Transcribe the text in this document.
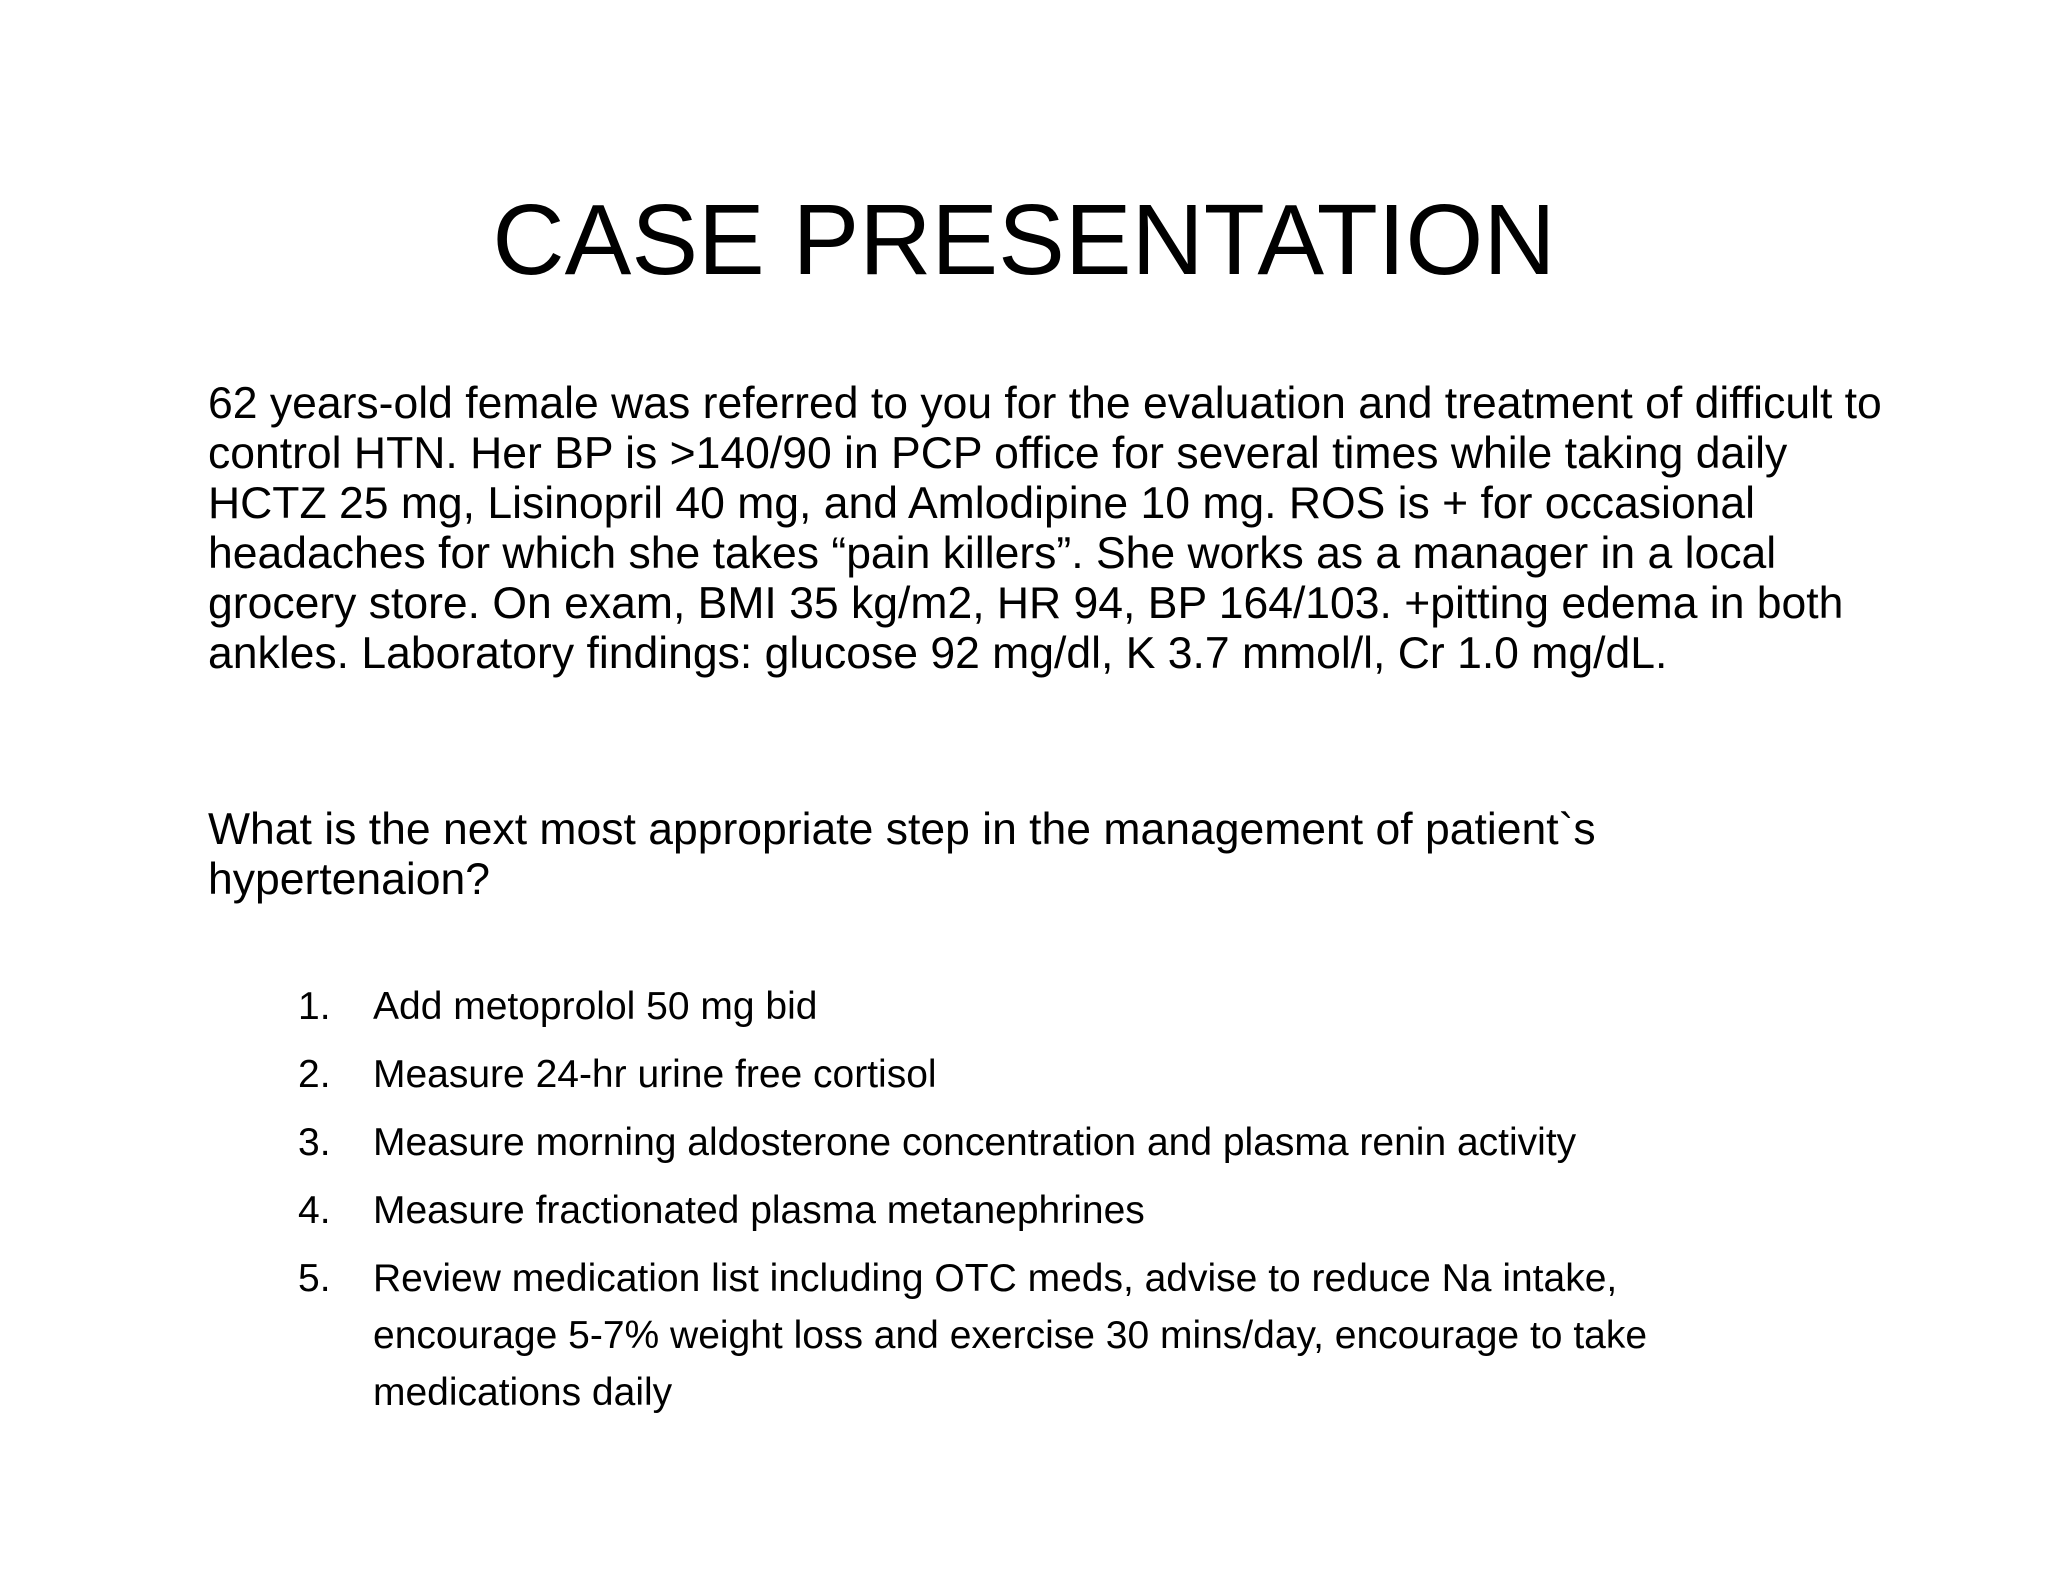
CASE PRESENTATION

62 years-old female was referred to you for the evaluation and treatment of difficult to control HTN. Her BP is >140/90 in PCP office for several times while taking daily HCTZ 25 mg, Lisinopril 40 mg, and Amlodipine 10 mg. ROS is + for occasional headaches for which she takes “pain killers”. She works as a manager in a local grocery store. On exam, BMI 35 kg/m2, HR 94, BP 164/103. +pitting edema in both ankles. Laboratory findings: glucose 92 mg/dl, K 3.7 mmol/l, Cr 1.0 mg/dL.

What is the next most appropriate step in the management of patient`s hypertenaion?

1. Add metoprolol 50 mg bid
2. Measure 24-hr urine free cortisol
3. Measure morning aldosterone concentration and plasma renin activity
4. Measure fractionated plasma metanephrines
5. Review medication list including OTC meds, advise to reduce Na intake, encourage 5-7% weight loss and exercise 30 mins/day, encourage to take medications daily
